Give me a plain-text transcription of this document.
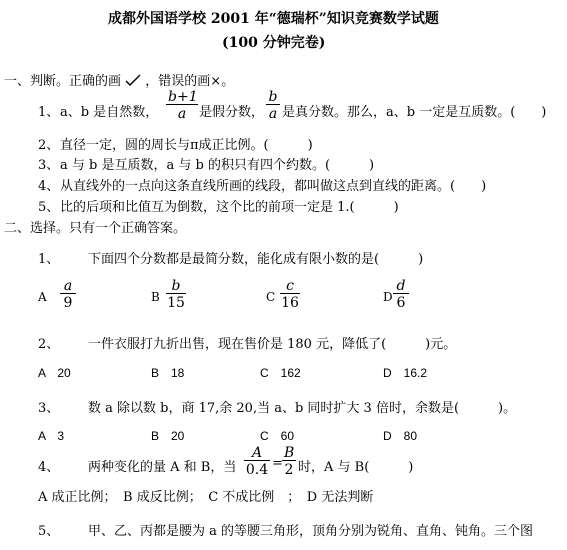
成都外国语学校 2001 年“德瑞杯”知识竞赛数学试题
(100 分钟完卷)
一、判断。正确的画 ，错误的画×。
1、 a、b 是自然数， $\frac{b+1}{a}$ 是假分数， $\frac{b}{a}$ 是真分数。那么，a、b 一定是互质数。(　　)
2、 直径一定，圆的周长与π成正比例。(　　　)
3、 a 与 b 是互质数，a 与 b 的积只有四个约数。(　　　)
4、 从直线外的一点向这条直线所画的线段，都叫做这点到直线的距离。(　　)
5、 比的后项和比值互为倒数，这个比的前项一定是 1.(　　　)
二、选择。只有一个正确答案。
1、 下面四个分数都是最简分数，能化成有限小数的是(　　　)
A $\frac{a}{9}$	B $\frac{b}{15}$	C $\frac{c}{16}$	D $\frac{d}{6}$
2、 一件衣服打九折出售，现在售价是 180 元，降低了(　　　)元。
A　20	B　18	C　162	D　16.2
3、 数 a 除以数 b，商 17,余 20,当 a、b 同时扩大 3 倍时，余数是(　　　)。
A　3	B　20	C　60	D　80
4、 两种变化的量 A 和 B，当 $\frac{A}{0.4} = \frac{B}{2}$ 时，A 与 B(　　　)
A 成正比例；　B 成反比例；　C 不成比例　；　D 无法判断
5、 甲、乙、丙都是腰为 a 的等腰三角形，顶角分别为锐角、直角、钝角。三个图
